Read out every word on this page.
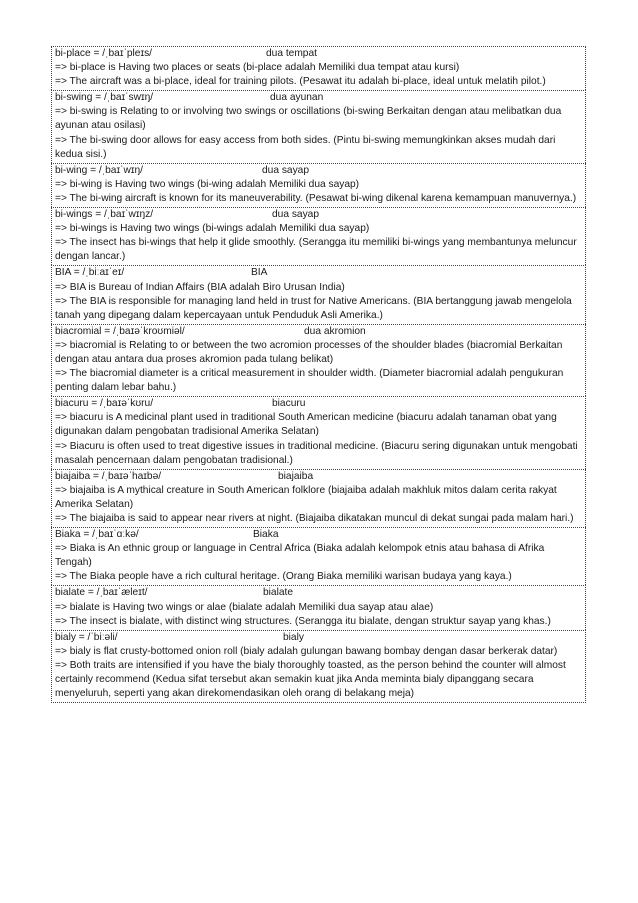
bi-place = /ˌbaɪˈpleɪs/	dua tempat
=> bi-place is Having two places or seats (bi-place adalah Memiliki dua tempat atau kursi)
=> The aircraft was a bi-place, ideal for training pilots. (Pesawat itu adalah bi-place, ideal untuk melatih pilot.)
bi-swing = /ˌbaɪˈswɪŋ/	dua ayunan
=> bi-swing is Relating to or involving two swings or oscillations (bi-swing Berkaitan dengan atau melibatkan dua ayunan atau osilasi)
=> The bi-swing door allows for easy access from both sides. (Pintu bi-swing memungkinkan akses mudah dari kedua sisi.)
bi-wing = /ˌbaɪˈwɪŋ/	dua sayap
=> bi-wing is Having two wings (bi-wing adalah Memiliki dua sayap)
=> The bi-wing aircraft is known for its maneuverability. (Pesawat bi-wing dikenal karena kemampuan manuvernya.)
bi-wings = /ˌbaɪˈwɪŋz/	dua sayap
=> bi-wings is Having two wings (bi-wings adalah Memiliki dua sayap)
=> The insect has bi-wings that help it glide smoothly. (Serangga itu memiliki bi-wings yang membantunya meluncur dengan lancar.)
BIA = /ˌbiːaɪˈeɪ/	BIA
=> BIA is Bureau of Indian Affairs (BIA adalah Biro Urusan India)
=> The BIA is responsible for managing land held in trust for Native Americans. (BIA bertanggung jawab mengelola tanah yang dipegang dalam kepercayaan untuk Penduduk Asli Amerika.)
biacromial = /ˌbaɪəˈkroʊmiəl/	dua akromion
=> biacromial is Relating to or between the two acromion processes of the shoulder blades (biacromial Berkaitan dengan atau antara dua proses akromion pada tulang belikat)
=> The biacromial diameter is a critical measurement in shoulder width. (Diameter biacromial adalah pengukuran penting dalam lebar bahu.)
biacuru = /ˌbaɪəˈkʊru/	biacuru
=> biacuru is A medicinal plant used in traditional South American medicine (biacuru adalah tanaman obat yang digunakan dalam pengobatan tradisional Amerika Selatan)
=> Biacuru is often used to treat digestive issues in traditional medicine. (Biacuru sering digunakan untuk mengobati masalah pencernaan dalam pengobatan tradisional.)
biajaiba = /ˌbaɪəˈhaɪbə/	biajaiba
=> biajaiba is A mythical creature in South American folklore (biajaiba adalah makhluk mitos dalam cerita rakyat Amerika Selatan)
=> The biajaiba is said to appear near rivers at night. (Biajaiba dikatakan muncul di dekat sungai pada malam hari.)
Biaka = /ˌbaɪˈɑːkə/	Biaka
=> Biaka is An ethnic group or language in Central Africa (Biaka adalah kelompok etnis atau bahasa di Afrika Tengah)
=> The Biaka people have a rich cultural heritage. (Orang Biaka memiliki warisan budaya yang kaya.)
bialate = /ˌbaɪˈæleɪt/	bialate
=> bialate is Having two wings or alae (bialate adalah Memiliki dua sayap atau alae)
=> The insect is bialate, with distinct wing structures. (Serangga itu bialate, dengan struktur sayap yang khas.)
bialy = /ˈbiːəli/	bialy
=> bialy is flat crusty-bottomed onion roll (bialy adalah gulungan bawang bombay dengan dasar berkerak datar)
=> Both traits are intensified if you have the bialy thoroughly toasted, as the person behind the counter will almost certainly recommend (Kedua sifat tersebut akan semakin kuat jika Anda meminta bialy dipanggang secara menyeluruh, seperti yang akan direkomendasikan oleh orang di belakang meja)
